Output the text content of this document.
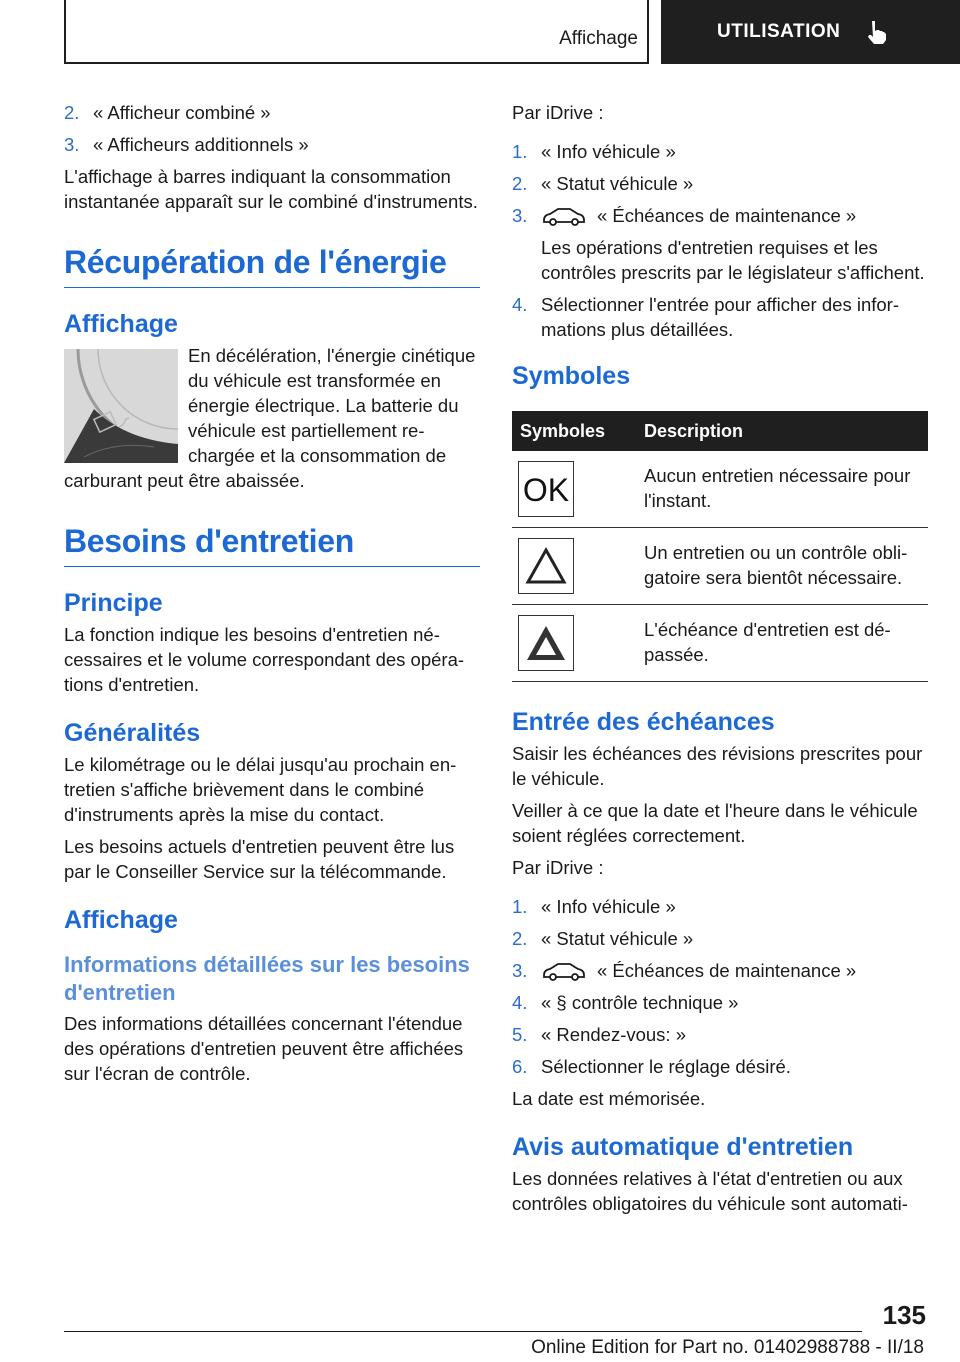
Affichage	UTILISATION
2. « Afficheur combiné »
3. « Afficheurs additionnels »

L'affichage à barres indiquant la consommation instantanée apparaît sur le combiné d'instruments.

Récupération de l'énergie
Affichage

En décélération, l'énergie cinétique du véhicule est transformée en énergie électrique. La batterie du véhicule est partiellement rechargée et la consommation de carburant peut être abaissée.

Besoins d'entretien
Principe

La fonction indique les besoins d'entretien nécessaires et le volume correspondant des opérations d'entretien.

Généralités

Le kilométrage ou le délai jusqu'au prochain entretien s'affiche brièvement dans le combiné d'instruments après la mise du contact.

Les besoins actuels d'entretien peuvent être lus par le Conseiller Service sur la télécommande.

Affichage
Informations détaillées sur les besoins d'entretien

Des informations détaillées concernant l'étendue des opérations d'entretien peuvent être affichées sur l'écran de contrôle.

Par iDrive :

1. « Info véhicule »
2. « Statut véhicule »
3.	« Échéances de maintenance »
Les opérations d'entretien requises et les contrôles prescrits par le législateur s'affichent.
4. Sélectionner l'entrée pour afficher des informations plus détaillées.
Symboles
Symboles	Description

OK	Aucun entretien nécessaire pour l'instant.

	Un entretien ou un contrôle obligatoire sera bientôt nécessaire.

	L'échéance d'entretien est dépassée.
Entrée des échéances

Saisir les échéances des révisions prescrites pour le véhicule.

Veiller à ce que la date et l'heure dans le véhicule soient réglées correctement.

Par iDrive :

1. « Info véhicule »
2. « Statut véhicule »
3.	« Échéances de maintenance »
4. « § contrôle technique »
5. « Rendez-vous: »
6. Sélectionner le réglage désiré.

La date est mémorisée.

Avis automatique d'entretien

Les données relatives à l'état d'entretien ou aux contrôles obligatoires du véhicule sont automati-

135
Online Edition for Part no. 01402988788 - II/18
